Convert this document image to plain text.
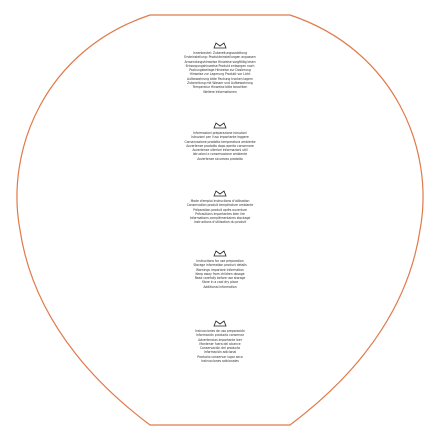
Innenbeutel: Zubereitungsanleitung
Ersteinstellung: Produkteinstellungen anpassen
Anwendungshinweise Hinweise sorgfältig lesen
Entsorgungshinweise Produkt entsorgen nach
Packungsbeilage Hinweise zur Dosierung
Hinweise zur Lagerung Produkt vor Licht
Aufbewahrung bitte Packung trocken lagern
Zubereitung mit Wasser und Aufbewahrung
Temperatur Hinweise bitte beachten
Weitere Informationen
Informazioni preparazione istruzioni
Istruzioni per l'uso importante leggere
Conservazione prodotto temperatura ambiente
Avvertenze prodotto dopo aperto conservare
Avvertenze ulteriori informazioni utili
Istruzioni e conservazione ambiente
Avvertenze sicurezza prodotto
Mode d'emploi instructions d'utilisation
Conservation produit température ambiante
Préparation produit après ouverture
Précautions importantes bien lire
Informations complémentaires stockage
Instructions d'utilisation du produit
Instructions for use preparation
Storage information product details
Warnings important information
Keep away from children dosage
Read carefully before use storage
Store in a cool dry place
Additional information
Instrucciones de uso preparación
Información producto conservar
Advertencias importante leer
Mantener fuera del alcance
Conservación del producto
Información adicional
Producto conservar lugar seco
Instrucciones adicionales
